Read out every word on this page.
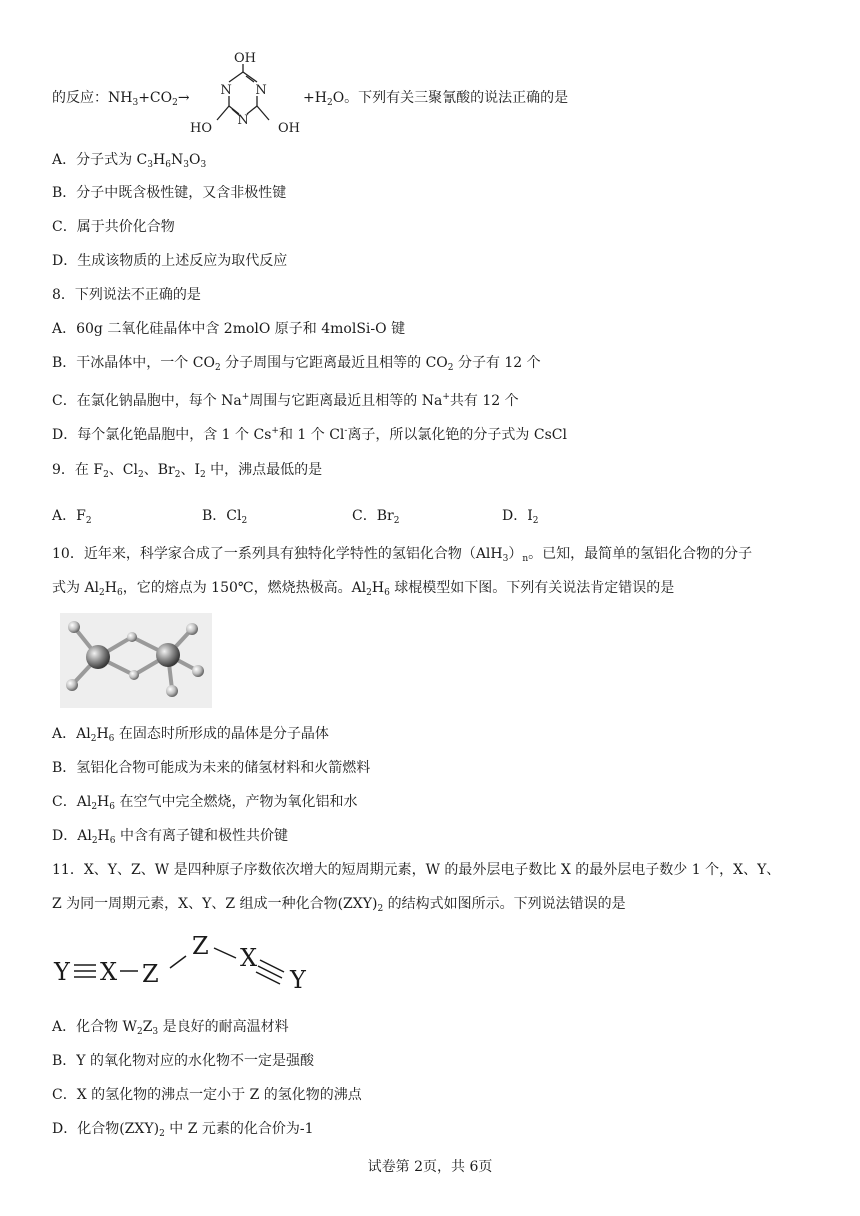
的反应：$NH_3+CO_2\to$	$+H_2O$。下列有关三聚氰酸的说法正确的是
OH
N N
N
HO	OH
A．分子式为 $C_3H_6N_3O_3$
B．分子中既含极性键，又含非极性键
C．属于共价化合物
D．生成该物质的上述反应为取代反应
8．下列说法不正确的是
A．60g 二氧化硅晶体中含 2molO 原子和 4molSi-O 键
B．干冰晶体中，一个 $CO_2$ 分子周围与它距离最近且相等的 $CO_2$ 分子有 12 个
C．在氯化钠晶胞中，每个 Na+周围与它距离最近且相等的 Na+共有 12 个
D．每个氯化铯晶胞中，含 1 个 Cs+和 1 个 Cl-离子，所以氯化铯的分子式为 CsCl
9．在 $F_2$、$Cl_2$、$Br_2$、$I_2$ 中，沸点最低的是
A．$F_2$	B．$Cl_2$	C．$Br_2$	D．$I_2$
10．近年来，科学家合成了一系列具有独特化学特性的氢铝化合物$(AlH_3)_n$。已知，最简单的氢铝化合物的分子
式为 $Al_2H_6$，它的熔点为 150℃，燃烧热极高。$Al_2H_6$ 球棍模型如下图。下列有关说法肯定错误的是
A．$Al_2H_6$ 在固态时所形成的晶体是分子晶体
B．氢铝化合物可能成为未来的储氢材料和火箭燃料
C．$Al_2H_6$ 在空气中完全燃烧，产物为氧化铝和水
D．$Al_2H_6$ 中含有离子键和极性共价键
11．X、Y、Z、W 是四种原子序数依次增大的短周期元素，W 的最外层电子数比 X 的最外层电子数少 1 个，X、Y、
Z 为同一周期元素，X、Y、Z 组成一种化合物$(ZXY)_2$ 的结构式如图所示。下列说法错误的是
Y X Z
Z X
Y
A．化合物 $W_2Z_3$ 是良好的耐高温材料
B．Y 的氧化物对应的水化物不一定是强酸
C．X 的氢化物的沸点一定小于 Z 的氢化物的沸点
D．化合物$(ZXY)_2$ 中 Z 元素的化合价为-1
试卷第 2页，共 6页
